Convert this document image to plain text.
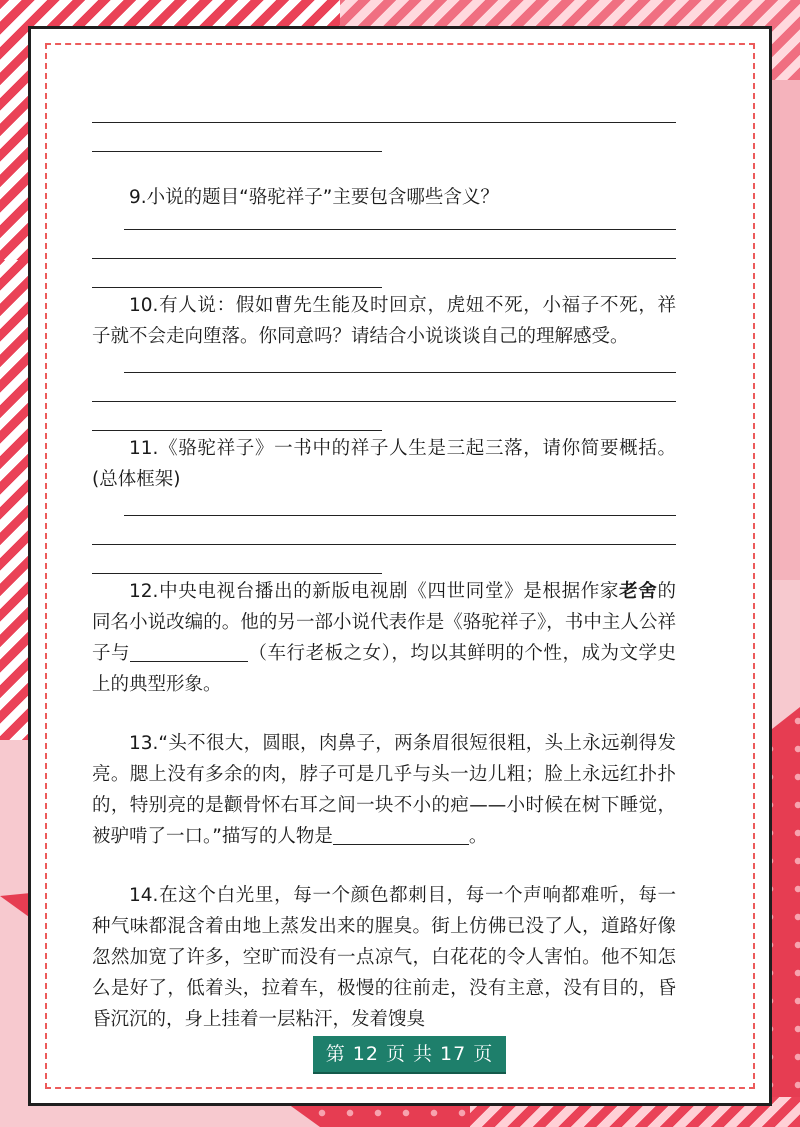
9.小说的题目“骆驼祥子”主要包含哪些含义？

10.有人说：假如曹先生能及时回京，虎妞不死，小福子不死，祥子就不会走向堕落。你同意吗？请结合小说谈谈自己的理解感受。

11.《骆驼祥子》一书中的祥子人生是三起三落，请你简要概括。(总体框架)

12.中央电视台播出的新版电视剧《四世同堂》是根据作家老舍的同名小说改编的。他的另一部小说代表作是《骆驼祥子》，书中主人公祥子与	（车行老板之女），均以其鲜明的个性，成为文学史上的典型形象。

13.“头不很大，圆眼，肉鼻子，两条眉很短很粗，头上永远剃得发亮。腮上没有多余的肉，脖子可是几乎与头一边儿粗；脸上永远红扑扑的，特别亮的是颧骨怀右耳之间一块不小的疤——小时候在树下睡觉，被驴啃了一口。”描写的人物是	。

14.在这个白光里，每一个颜色都刺目，每一个声响都难听，每一种气味都混含着由地上蒸发出来的腥臭。街上仿佛已没了人，道路好像忽然加宽了许多，空旷而没有一点凉气，白花花的令人害怕。他不知怎么是好了，低着头，拉着车，极慢的往前走，没有主意，没有目的，昏昏沉沉的，身上挂着一层粘汗，发着馊臭

第 12 页 共 17 页
